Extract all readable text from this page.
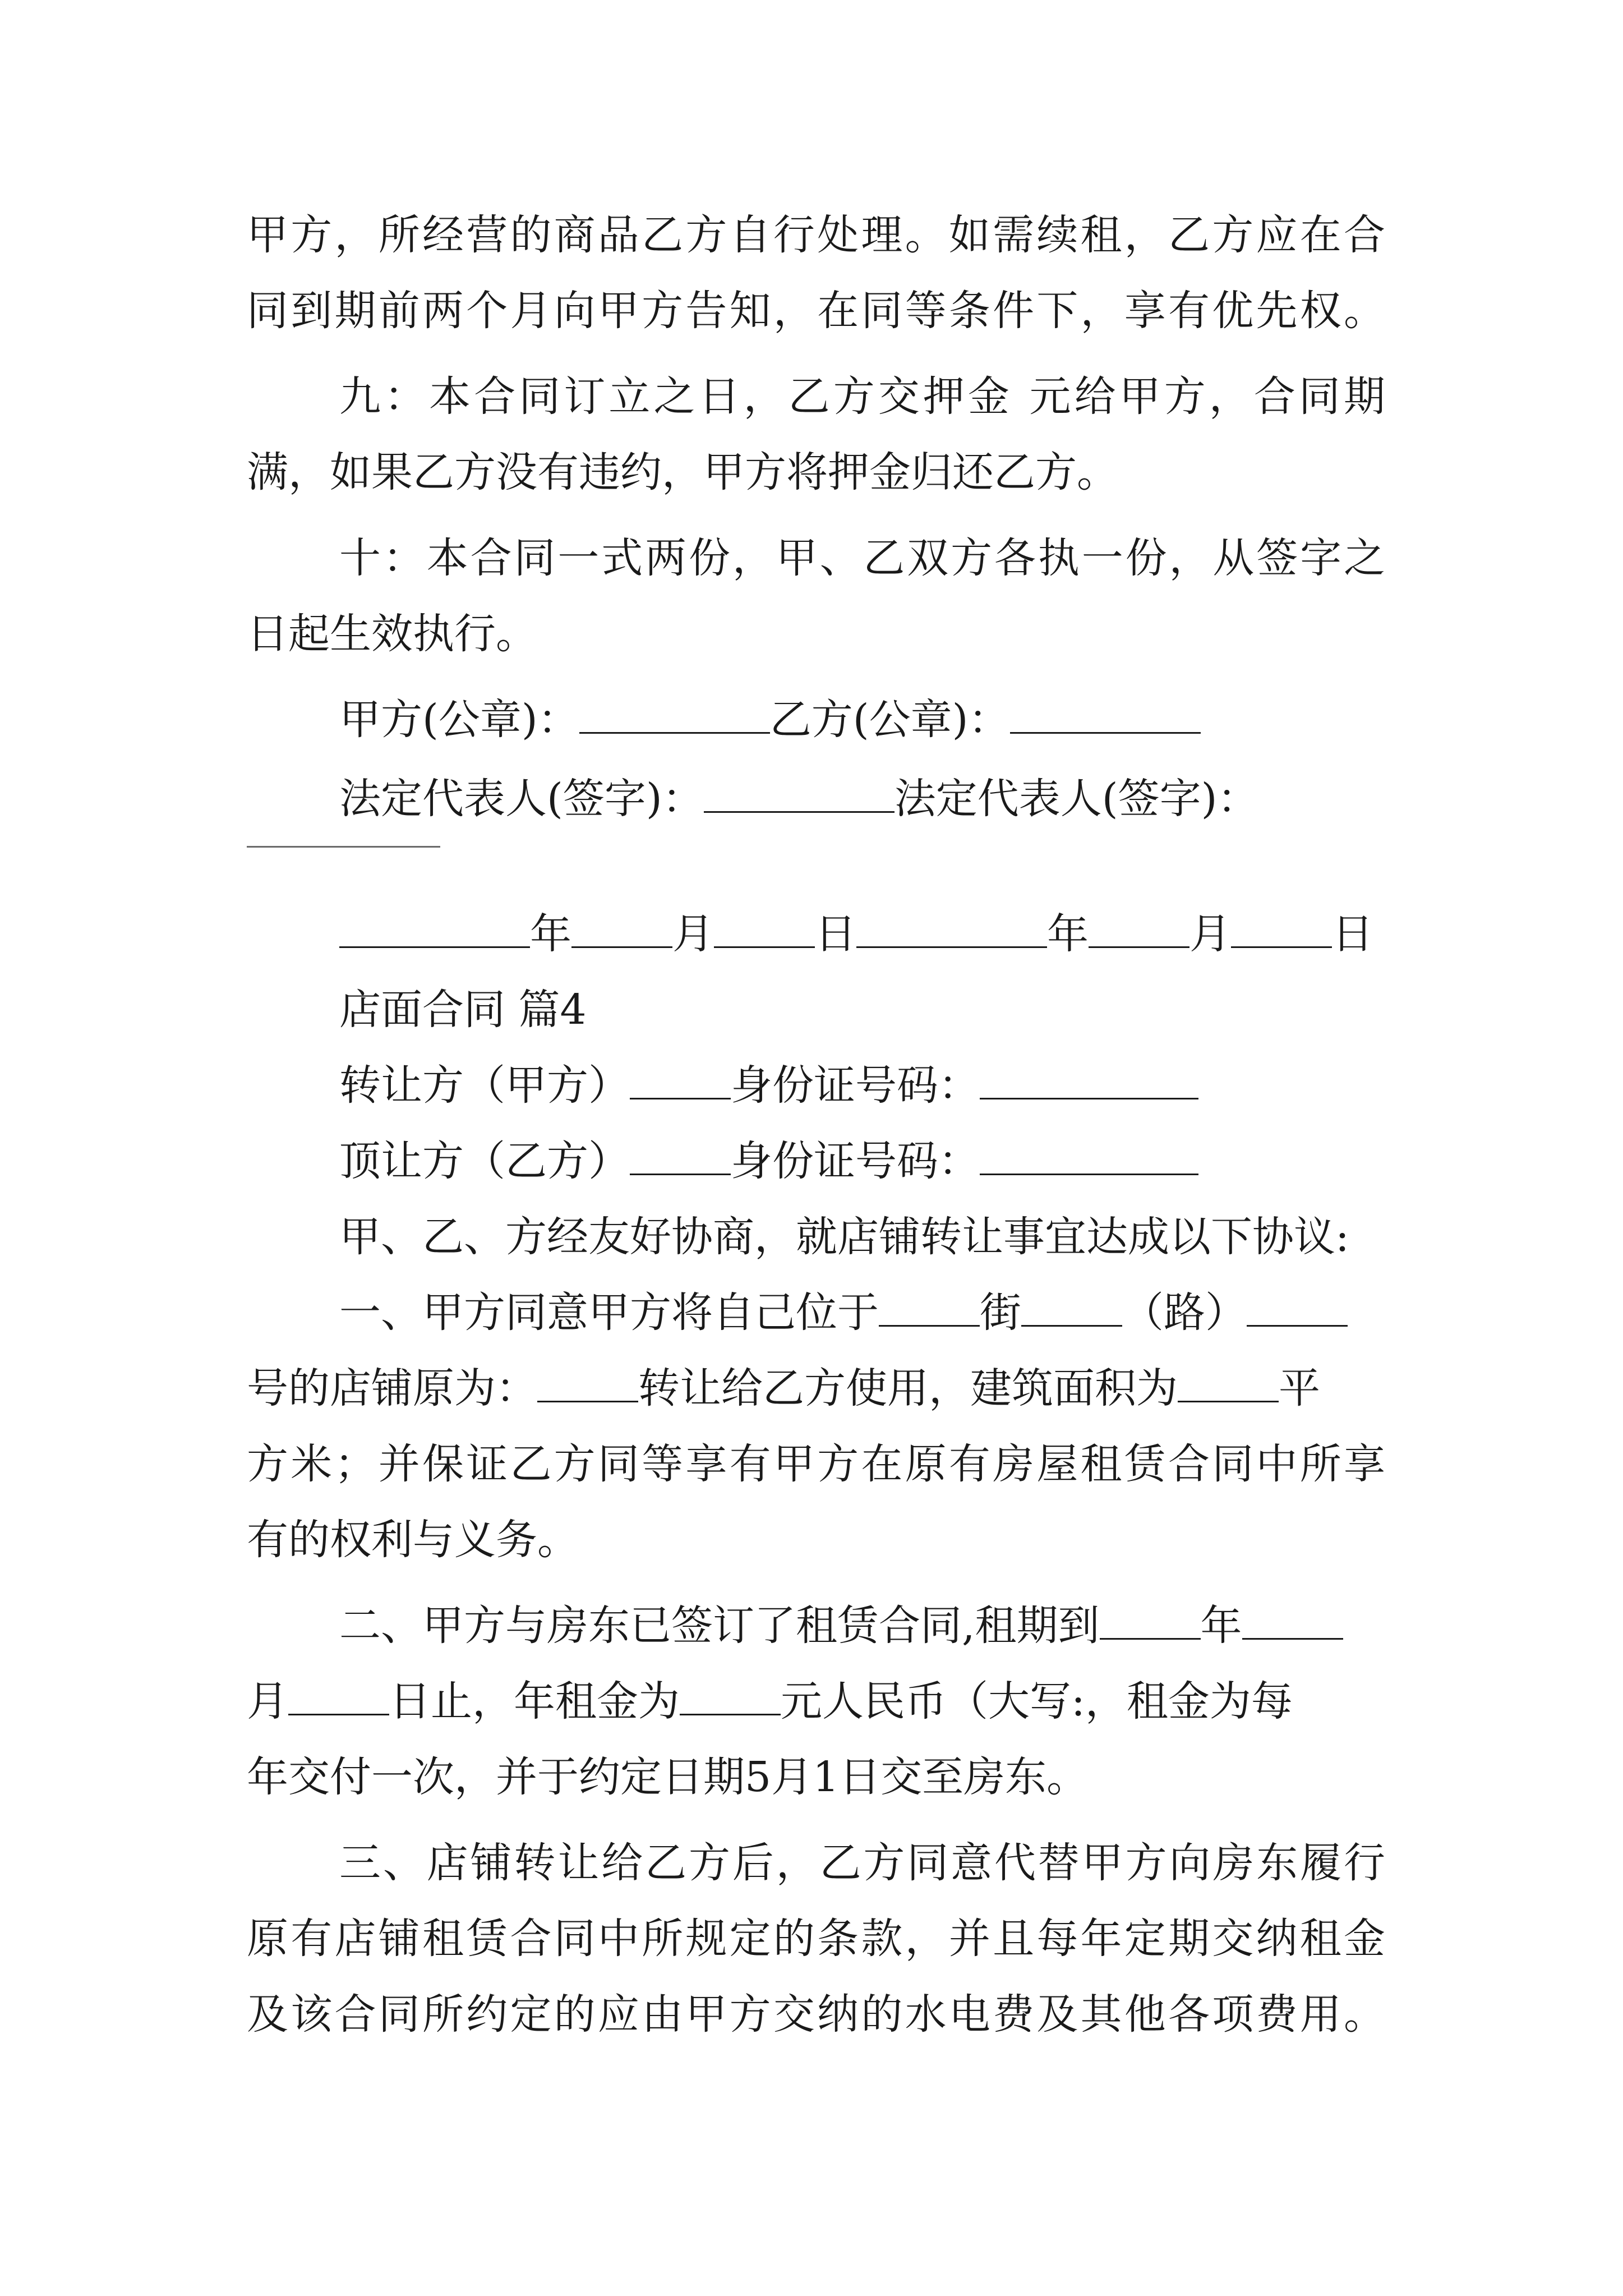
甲方，所经营的商品乙方自行处理。如需续租，乙方应在合
同到期前两个月向甲方告知，在同等条件下，享有优先权。
九：本合同订立之日，乙方交押金 元给甲方，合同期
满，如果乙方没有违约，甲方将押金归还乙方。
十：本合同一式两份，甲、乙双方各执一份，从签字之
日起生效执行。
甲方(公章)：	乙方(公章)：
法定代表人(签字)：	法定代表人(签字)：
年 月 日	年 月 日
店面合同 篇4
转让方（甲方） 身份证号码：
顶让方（乙方） 身份证号码：
甲、乙、方经友好协商，就店铺转让事宜达成以下协议:
一、甲方同意甲方将自己位于 街 （路）
号的店铺原为： 转让给乙方使用，建筑面积为 平
方米；并保证乙方同等享有甲方在原有房屋租赁合同中所享
有的权利与义务。
二、甲方与房东已签订了租赁合同,租期到 年
月 日止，年租金为 元人民币（大写:，租金为每
年交付一次，并于约定日期5月1日交至房东。
三、店铺转让给乙方后，乙方同意代替甲方向房东履行
原有店铺租赁合同中所规定的条款，并且每年定期交纳租金
及该合同所约定的应由甲方交纳的水电费及其他各项费用。
